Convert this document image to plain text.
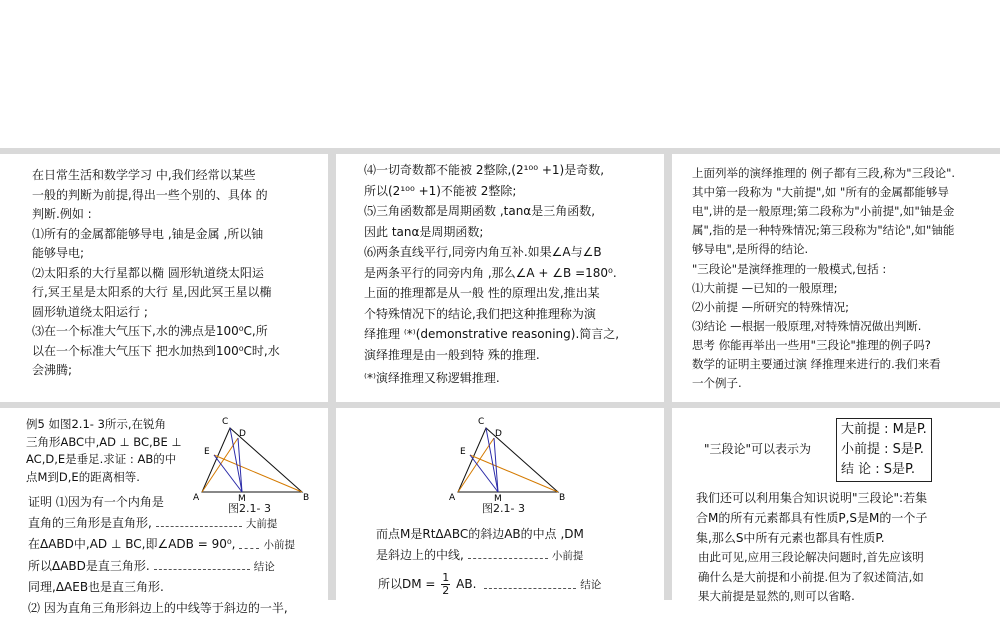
在日常生活和数学学习 中,我们经常以某些
一般的判断为前提,得出一些个别的、具体 的
判断.例如 :
⑴所有的金属都能够导电 ,铀是金属 ,所以铀
能够导电;
⑵太阳系的大行星都以椭 圆形轨道绕太阳运
行,冥王星是太阳系的大行 星,因此冥王星以椭
圆形轨道绕太阳运行 ;
⑶在一个标准大气压下,水的沸点是100⁰C,所
以在一个标准大气压下 把水加热到100⁰C时,水
会沸腾;
⑷一切奇数都不能被 2整除,(2¹⁰⁰ +1)是奇数,
所以(2¹⁰⁰ +1)不能被 2整除;
⑸三角函数都是周期函数 ,tanα是三角函数,
因此 tanα是周期函数;
⑹两条直线平行,同旁内角互补.如果∠A与∠B
是两条平行的同旁内角 ,那么∠A + ∠B =180⁰.
上面的推理都是从一般 性的原理出发,推出某
个特殊情况下的结论,我们把这种推理称为演
绎推理 ⁽*⁾(demonstrative reasoning).简言之,
演绎推理是由一般到特 殊的推理.
⁽*⁾演绎推理又称逻辑推理.
上面列举的演绎推理的 例子都有三段,称为"三段论".
其中第一段称为 "大前提",如 "所有的金属都能够导
电",讲的是一般原理;第二段称为"小前提",如"铀是金
属",指的是一种特殊情况;第三段称为"结论",如"铀能
够导电",是所得的结论.
"三段论"是演绎推理的一般模式,包括 :
⑴大前提 —已知的一般原理;
⑵小前提 —所研究的特殊情况;
⑶结论 —根据一般原理,对特殊情况做出判断.
思考 你能再举出一些用"三段论"推理的例子吗?
数学的证明主要通过演 绎推理来进行的.我们来看
一个例子.
例5 如图2.1- 3所示,在锐角
三角形ABC中,AD ⊥ BC,BE ⊥
AC,D,E是垂足.求证 : AB的中
点M到D,E的距离相等.
C
D
E
A	M	B
图2.1- 3
证明 ⑴因为有一个内角是
直角的三角形是直角形,	大前提
在ΔABD中,AD ⊥ BC,即∠ADB = 90⁰,	小前提
所以ΔABD是直三角形.	结论
同理,ΔAEB也是直三角形.
⑵ 因为直角三角形斜边上的中线等于斜边的一半,
C
D
E
A	M	B
图2.1- 3
而点M是RtΔABC的斜边AB的中点 ,DM
是斜边上的中线,	小前提
所以DM = $\frac{1}{2}$ AB.	结论
"三段论"可以表示为
大前提 : M是P.
小前提 : S是P.
结 论 : S是P.
我们还可以利用集合知识说明"三段论":若集
合M的所有元素都具有性质P,S是M的一个子
集,那么S中所有元素也都具有性质P.
由此可见,应用三段论解决问题时,首先应该明
确什么是大前提和小前提.但为了叙述简洁,如
果大前提是显然的,则可以省略.
